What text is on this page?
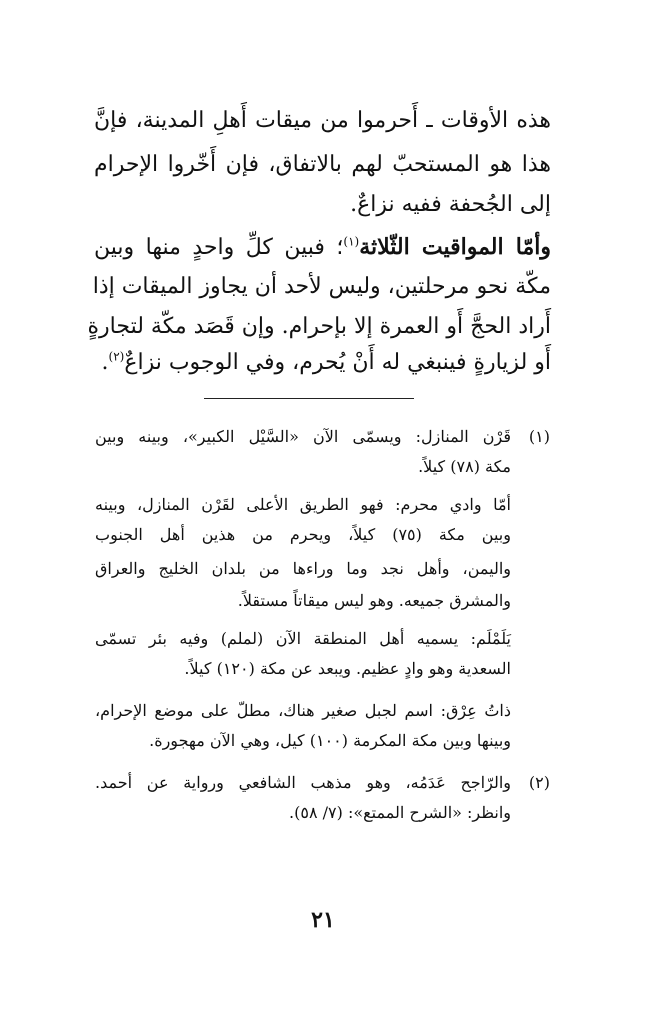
هذه الأوقات ـ أَحرموا من ميقات أَهلِ المدينة، فإنَّ
هذا هو المستحبّ لهم بالاتفاق، فإن أَخّروا الإحرام
إلى الجُحفة ففيه نزاعٌ.
وأمّا المواقيت الثّلاثة$^{(١)}$؛ فبين كلِّ واحدٍ منها وبين
مكّة نحو مرحلتين، وليس لأحد أن يجاوز الميقات إذا
أَراد الحجَّ أَو العمرة إلا بإحرام. وإن قَصَد مكّة لتجارةٍ
أَو لزيارةٍ فينبغي له أَنْ يُحرم، وفي الوجوب نزاعٌ$^{(٢)}$.
(١)
قَرْن المنازل: ويسمّى الآن «السَّيْل الكبير»، وبينه وبين
مكة (٧٨) كيلاً.
أمّا وادي محرم: فهو الطريق الأعلى لقَرْن المنازل، وبينه
وبين مكة (٧٥) كيلاً، ويحرم من هذين أهل الجنوب
واليمن، وأهل نجد وما وراءها من بلدان الخليج والعراق
والمشرق جميعه. وهو ليس ميقاتاً مستقلاً.
يَلَمْلَم: يسميه أهل المنطقة الآن (لملم) وفيه بئر تسمّى
السعدية وهو وادٍ عظيم. ويبعد عن مكة (١٢٠) كيلاً.
ذاتُ عِرْق: اسم لجبل صغير هناك، مطلّ على موضع الإحرام،
وبينها وبين مكة المكرمة (١٠٠) كيل، وهي الآن مهجورة.
(٢)
والرّاجح عَدَمُه، وهو مذهب الشافعي ورواية عن أحمد.
وانظر: «الشرح الممتع»: (٧/ ٥٨).
٢١
